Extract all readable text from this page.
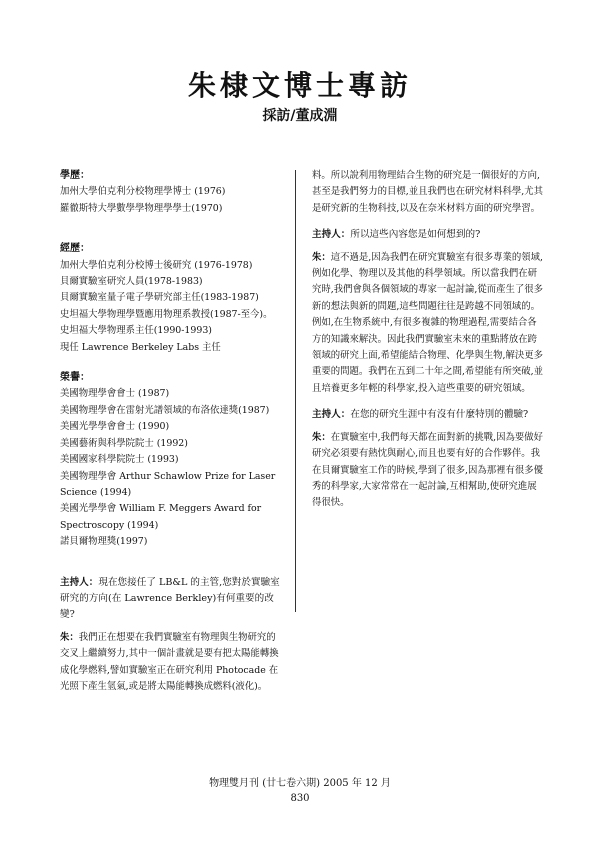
朱棣文博士專訪
採訪/董成淵
學歷：
加州大學伯克利分校物理學博士 (1976)
羅徹斯特大學數學學物理學學士(1970)
經歷：
加州大學伯克利分校博士後研究 (1976-1978)
貝爾實驗室研究人員(1978-1983)
貝爾實驗室量子電子學研究部主任(1983-1987)
史坦福大學物理學暨應用物理系教授(1987-至今)。
史坦福大學物理系主任(1990-1993)
現任 Lawrence Berkeley Labs 主任
榮譽：
美國物理學會會士 (1987)
美國物理學會在雷射光譜領域的布洛依達獎(1987)
美國光學學會會士 (1990)
美國藝術與科學院院士 (1992)
美國國家科學院院士 (1993)
美國物理學會 Arthur Schawlow Prize for Laser Science (1994)
美國光學學會 William F. Meggers Award for Spectroscopy (1994)
諾貝爾物理獎(1997)
主持人：現在您接任了 LB&L 的主管,您對於實驗室研究的方向(在 Lawrence Berkley)有何重要的改變?
朱：我們正在想要在我們實驗室有物理與生物研究的交叉上繼續努力,其中一個計畫就是要有把太陽能轉換成化學燃料,譬如實驗室正在研究利用 Photocade 在光照下產生氫氣,或是將太陽能轉換成燃料(液化)。
料。所以說利用物理結合生物的研究是一個很好的方向,甚至是我們努力的目標,並且我們也在研究材料科學,尤其是研究新的生物科技,以及在奈米材料方面的研究學習。
主持人：所以這些內容您是如何想到的?
朱：這不過是,因為我們在研究實驗室有很多專業的領域,例如化學、物理以及其他的科學領域。所以當我們在研究時,我們會與各個領域的專家一起討論,從而產生了很多新的想法與新的問題,這些問題往往是跨越不同領域的。例如,在生物系統中,有很多複雜的物理過程,需要結合各方的知識來解決。因此我們實驗室未來的重點將放在跨領域的研究上面,希望能結合物理、化學與生物,解決更多重要的問題。我們在五到二十年之間,希望能有所突破,並且培養更多年輕的科學家,投入這些重要的研究領域。
主持人：在您的研究生涯中有沒有什麼特別的體驗?
朱：在實驗室中,我們每天都在面對新的挑戰,因為要做好研究必須要有熱忱與耐心,而且也要有好的合作夥伴。我在貝爾實驗室工作的時候,學到了很多,因為那裡有很多優秀的科學家,大家常常在一起討論,互相幫助,使研究進展得很快。
物理雙月刊 (廿七卷六期) 2005 年 12 月
830
